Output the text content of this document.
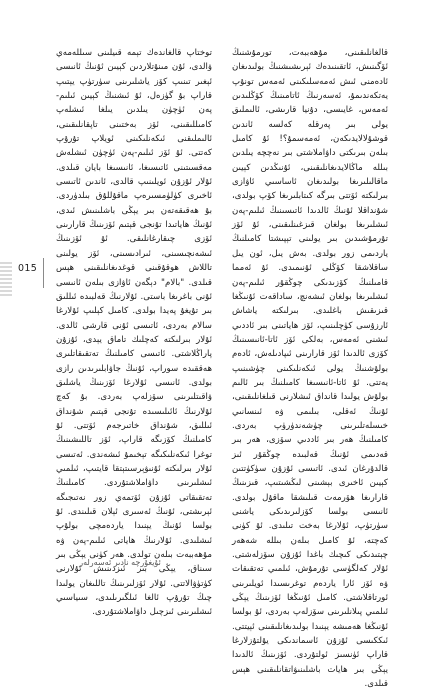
قالغانلىقىنى، مۇھەببەت، تورمۇشنىڭ ئۆگىنىش، ئاتقىنىدەك ئېرىشىشنىڭ بولىدىغان ئادەمنى ئىش ئەمەسلىكىنى ئەمەس تونۇپ يەتكەندىمۇ، ئەسەرنىڭ ئاتامىنىڭ كۆڭلىدىن ئەمەس، غايىسى، دۇنيا قارىشى، ئالىملىق يولى بىر پەرقلە كەلسە ئاندىن قوشۇلالايدىكەن، ئەمەسمۇ؟! ئۇ كامىل بىلەن بىرىكتى داۋاملاشتى بىر نەچچە يىلدىن بىللە ماڭالايدىغانلىقىنى، ئۇنىڭدىن كېيىن ماقالىلىرىغا بولىدىغان ئاساسىي ئاۋازى بىرلىكتە ئۆتتى بىرگە كىتابلىرىغا كۆپ بولدى، شۇنداقلا ئۇنىڭ ئالدىدا ئاتىسىنىڭ ئىلىم-پەن ئىشلىرىغا بولغان قىزغىنلىقىنى، ئۇ ئۆز تۇرمۇشىدىن بىر يولىنى تېپىشتا كامىلنىڭ ياردىمى زور بولدى. بەش يىل، ئون يىل ساقلاشقا كۆڭلى ئۇنىمىدى. ئۇ ئەمما قامىلنىڭ كۆزىدىكى چوڭقۇر ئىلىم-پەن ئىشلىرىغا بولغان ئىشەنچ، ساداقەت ئۇنىڭغا قىزىقىش باغلىدى. بىرلىكتە ياشاش ئارزۇسى كۈچلىنىپ، ئۆز ھاياتىنى بىر ئاددىي ئىشنى ئەمەس، بەلكى ئۆز ئاتا-ئانىسىنىڭ كۆزى ئالدىدا ئۆز قارارىنى ئىپادىلەش، ئادەم بولۇشنىڭ يولى ئىكەنلىكىنى چۈشىنىپ يەتتى. ئۇ ئاتا-ئانىسىغا كامىلنىڭ بىر ئالىم بولۇش يولىدا قانداق ئىشلارنى قىلغانلىقىنى، ئۇنىڭ ئەقلى، بىلىمى ۋە ئىنسانىي خىسلەتلىرىنى چۈشەندۈرۈپ بەردى. كامىلنىڭ ھەر بىر ئاددىي سۆزى، ھەر بىر قەدىمى ئۇنىڭ قەلبىدە چوڭقۇر ئىز قالدۇرغان ئىدى. ئاتىسى ئۇزۇن سۈكۈتتىن كېيىن ئاخىرى بېشىنى لىڭشىتىپ، قىزىنىڭ قارارىغا ھۆرمەت قىلىشقا ماقۇل بولدى. ئانىسى بولسا كۆزلىرىدىكى ياشنى سۈرتۈپ، ئۇلارغا بەخت تىلىدى. ئۇ كۈنى كەچتە، ئۇ كامىل بىلەن بىللە شەھەر چېتىدىكى كىچىك باغدا ئۇزۇن سۆزلەشتى. ئۇلار كەلگۈسى تۇرمۇش، ئىلمىي تەتقىقات ۋە ئۆز ئارا ياردەم توغرىسىدا ئويلىرىنى ئورتاقلاشتى. كامىل ئۇنىڭغا ئۆزىنىڭ يېڭى ئىلمىي پىلانلىرىنى سۆزلەپ بەردى، ئۇ بولسا ئۇنىڭغا ھەمىشە يېنىدا بولىدىغانلىقىنى ئېيتتى. ئىككىسى ئۇزۇن ئاسماندىكى يۇلتۇزلارغا قاراپ ئۈنسىز ئولتۇردى. ئۆزىنىڭ ئالدىدا يېڭى بىر ھايات باشلىنىۋاتقانلىقىنى ھېس قىلدى.

توختاپ قالغاندەك تېمە قىيلىنى سىللەمەي ۋالدى، ئۇن مىنۇتلاردىن كېيىن ئۇنىڭ ئانىسى ئېغىر تىنىپ كۆز ياشلىرىنى سۈرتۈپ يېتىپ قاراپ بۇ گۈزەل، ئۇ ئىشنىڭ كېيىن ئىلىم-پەن ئۈچۈن يىلدىن يىلغا ئىشلەپ كامىللىقىنى، ئۆز بەختىنى تاپقانلىقىنى، ئالىملىقنى ئىكەنلىكىنى ئويلاپ تۇرۇپ كەتتى. ئۇ ئۆز ئىلىم-پەن ئۈچۈن ئىشلەش مەقسىتىنى ئاتىسىغا، ئانىسىغا بايان قىلدى. ئۇلار ئۇزۇن ئويلىنىپ قالدى، ئاندىن ئاتىسى ئاخىرى كۈلۈمسىرەپ ماقۇللۇق بىلدۈردى. بۇ ھەقىقەتەن بىر يېڭى باشلىنىش ئىدى، ئۇنىڭ ھاياتىدا تۇنجى قېتىم ئۆزىنىڭ قارارىنى ئۆزى چىقارغانلىقى. ئۇ ئۆزىنىڭ ئىشەنچىسىنى، ئىرادىسىنى، ئۆز يولىنى تاللاش ھوقۇقىنى قوغدىغانلىقىنى ھېس قىلدى. "بالام" دېگەن ئاۋازى بىلەن ئانىسى ئۇنى باغرىغا باستى. ئۇلارنىڭ قەلبىدە ئىللىق بىر تۇيغۇ پەيدا بولدى. كامىل كېلىپ ئۇلارغا سالام بەردى، ئاتىسى ئۇنى قارشى ئالدى. ئۇلار بىرلىكتە كەچلىك تاماق يېدى، ئۇزۇن پاراڭلاشتى. ئاتىسى كامىلنىڭ تەتقىقاتلىرى ھەققىدە سوراپ، ئۇنىڭ جاۋابلىرىدىن رازى بولدى. ئانىسى ئۇلارغا ئۆزىنىڭ ياشلىق ۋاقىتلىرىنى سۆزلەپ بەردى. بۇ كەچ ئۇلارنىڭ ئائىلىسىدە تۇنجى قېتىم شۇنداق ئىللىق، شۇنداق خاتىرجەم ئۆتتى. ئۇ كامىلنىڭ كۆزىگە قاراپ، ئۆز تاللىشىنىڭ توغرا ئىكەنلىكىگە تېخىمۇ ئىشەندى. ئەتىسى ئۇلار بىرلىكتە ئۇنىۋېرسىتېتقا قايتىپ، ئىلمىي ئىشلىرىنى داۋاملاشتۇردى. كامىلنىڭ تەتقىقاتى ئۇزۇن ئۆتمەي زور نەتىجىگە ئېرىشتى، ئۇنىڭ ئەسىرى ئېلان قىلىندى. ئۇ بولسا ئۇنىڭ يېنىدا ياردەمچى بولۇپ ئىشلىدى. ئۇلارنىڭ ھاياتى ئىلىم-پەن ۋە مۇھەببەت بىلەن تولدى. ھەر كۈنى يېڭى بىر سىناق، يېڭى بىر ئىزدىنىش ئۇلارنى كۈتۈۋالاتتى. ئۇلار ئۆزلىرىنىڭ تاللىغان يولىدا چىڭ تۇرۇپ ئالغا ئىلگىرىلىدى، سىياسىي ئىشلىرىنى ئىزچىل داۋاملاشتۇردى.

015
ئۇيغۇرچە نادىر ئەسەرلەر
